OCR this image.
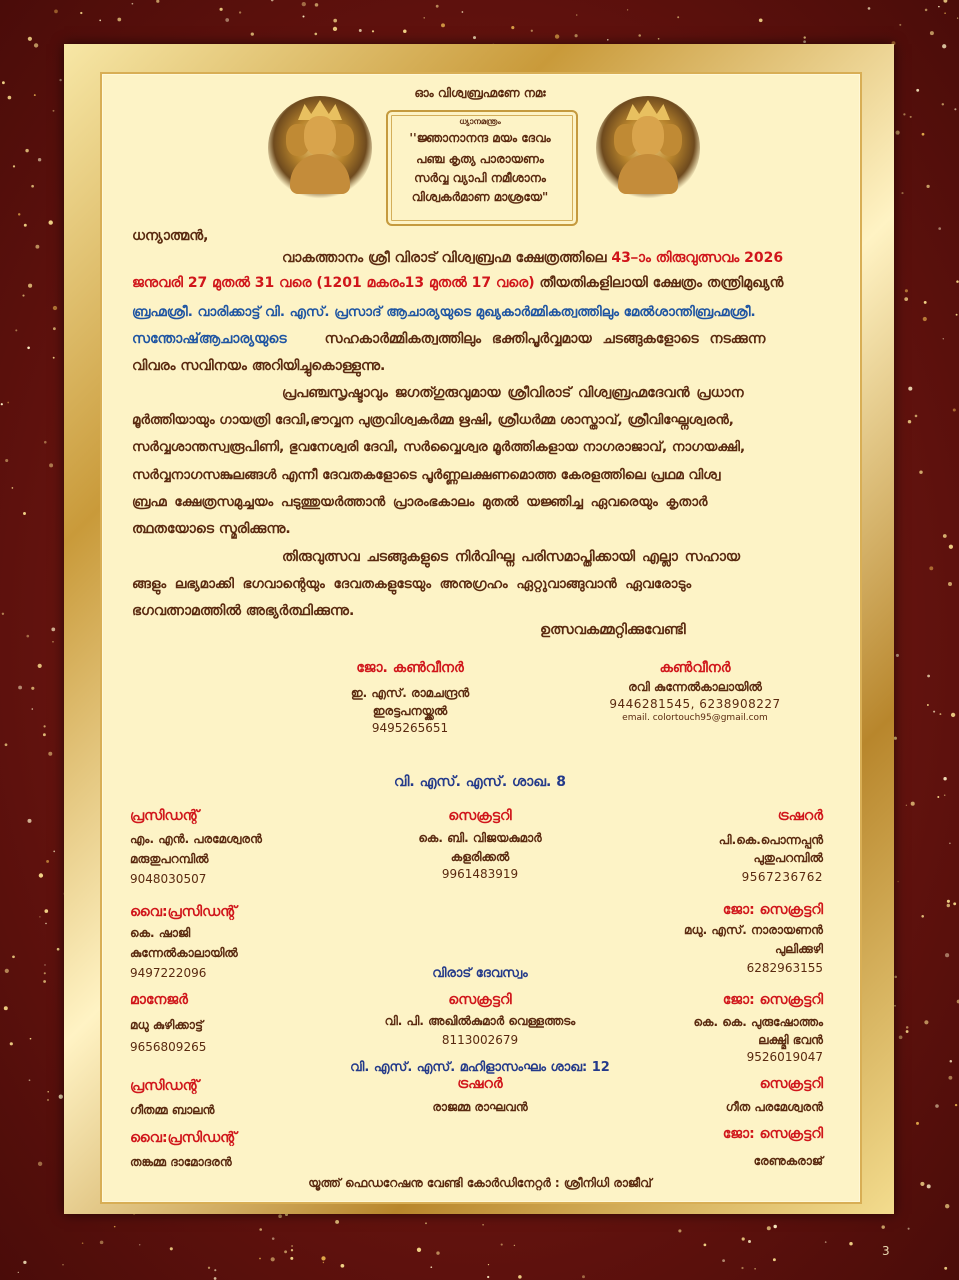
ഓം വിശ്വബ്രഹ്മണേ നമഃ
ധ്യാനമന്ത്രം
''ജ്ഞാനാനന്ദ മയം ദേവം
പഞ്ച കൃത്യ പാരായണം
സർവ്വ വ്യാപി നമീശാനം
വിശ്വകർമാണ മാശ്രയേ"
ധന്യാത്മൻ,
വാകത്താനം ശ്രീ വിരാട് വിശ്വബ്രഹ്മ ക്ഷേത്രത്തിലെ 43–ാം തിരുവുത്സവം 2026
ജനുവരി 27 മുതൽ 31 വരെ (1201 മകരം13 മുതൽ 17 വരെ) തീയതികളിലായി ക്ഷേത്രം തന്ത്രിമുഖ്യൻ
ബ്രഹ്മശ്രീ. വാരിക്കാട്ട് വി. എസ്. പ്രസാദ് ആചാര്യയുടെ മുഖ്യകാർമ്മികത്വത്തിലും മേൽശാന്തിബ്രഹ്മശ്രീ.
സന്തോഷ്ആചാര്യയുടെ	സഹകാർമ്മികത്വത്തിലും ഭക്തിപൂർവ്വമായ ചടങ്ങുകളോടെ നടക്കുന്ന
വിവരം സവിനയം അറിയിച്ചുകൊള്ളുന്നു.
പ്രപഞ്ചസൃഷ്ടാവും ജഗത്ഗുരുവുമായ ശ്രീവിരാട് വിശ്വബ്രഹ്മദേവൻ പ്രധാന
മൂർത്തിയായും ഗായത്രി ദേവി,ഭൗവ്വന പുത്രവിശ്വകർമ്മ ഋഷി, ശ്രീധർമ്മ ശാസ്താവ്, ശ്രീവിഘ്നേശ്വരൻ,
സർവ്വശാന്തസ്വരൂപിണി, ഭുവനേശ്വരി ദേവി, സർവ്വൈശ്വര മൂർത്തികളായ നാഗരാജാവ്, നാഗയക്ഷി,
സർവ്വനാഗസങ്കുലങ്ങൾ എന്നീ ദേവതകളോടെ പൂർണ്ണലക്ഷണമൊത്ത കേരളത്തിലെ പ്രഥമ വിശ്വ
ബ്രഹ്മ ക്ഷേത്രസമുച്ചയം പടുത്തുയർത്താൻ പ്രാരംഭകാലം മുതൽ യജ്ഞിച്ച ഏവരെയും കൃതാർ
ത്ഥതയോടെ സ്മരിക്കുന്നു.
തിരുവുത്സവ ചടങ്ങുകളുടെ നിർവിഘ്ന പരിസമാപ്തിക്കായി എല്ലാ സഹായ
ങ്ങളും ലഭ്യമാക്കി ഭഗവാന്റെയും ദേവതകളുടേയും അനുഗ്രഹം ഏറ്റുവാങ്ങുവാൻ ഏവരോടും
ഭഗവത്നാമത്തിൽ അഭ്യർത്ഥിക്കുന്നു.
ഉത്സവകമ്മറ്റിക്കുവേണ്ടി
ജോ. കൺവീനർ
ഇ. എസ്. രാമചന്ദ്രൻ
ഇരട്ടപനയ്ക്കൽ
9495265651
കൺവീനർ
രവി കുന്നേൽകാലായിൽ
9446281545, 6238908227
email. colortouch95@gmail.com
വി. എസ്. എസ്. ശാഖ. 8
പ്രസിഡന്റ്
എം. എൻ. പരമേശ്വരൻ
മരുതുപറമ്പിൽ
9048030507
സെക്രട്ടറി
കെ. ബി. വിജയകുമാർ
കളരിക്കൽ
9961483919
ട്രഷറർ
പി.കെ.പൊന്നപ്പൻ
പുതുപറമ്പിൽ
9567236762
വൈ:പ്രസിഡന്റ്
കെ. ഷാജി
കുന്നേൽകാലായിൽ
9497222096
ജോ: സെക്രട്ടറി
മധു. എസ്. നാരായണൻ
പുലിക്കുഴി
6282963155
വിരാട് ദേവസ്വം
മാനേജർ
മധു കുഴിക്കാട്ട്
9656809265
സെക്രട്ടറി
വി. പി. അഖിൽകുമാർ വെള്ളത്തടം
8113002679
ജോ: സെക്രട്ടറി
കെ. കെ. പുരുഷോത്തം
ലക്ഷ്മി ഭവൻ
9526019047
വി. എസ്. എസ്. മഹിളാസംഘം ശാഖ: 12
പ്രസിഡന്റ്
ഗീതമ്മ ബാലൻ
ട്രഷറർ
രാജമ്മ രാഘവൻ
സെക്രട്ടറി
ഗീത പരമേശ്വരൻ
വൈ:പ്രസിഡന്റ്
തങ്കമ്മ ദാമോദരൻ
ജോ: സെക്രട്ടറി
രേണുകരാജ്
യൂത്ത് ഫെഡറേഷനു വേണ്ടി കോർഡിനേറ്റർ : ശ്രീനിധി രാജീവ്
3
